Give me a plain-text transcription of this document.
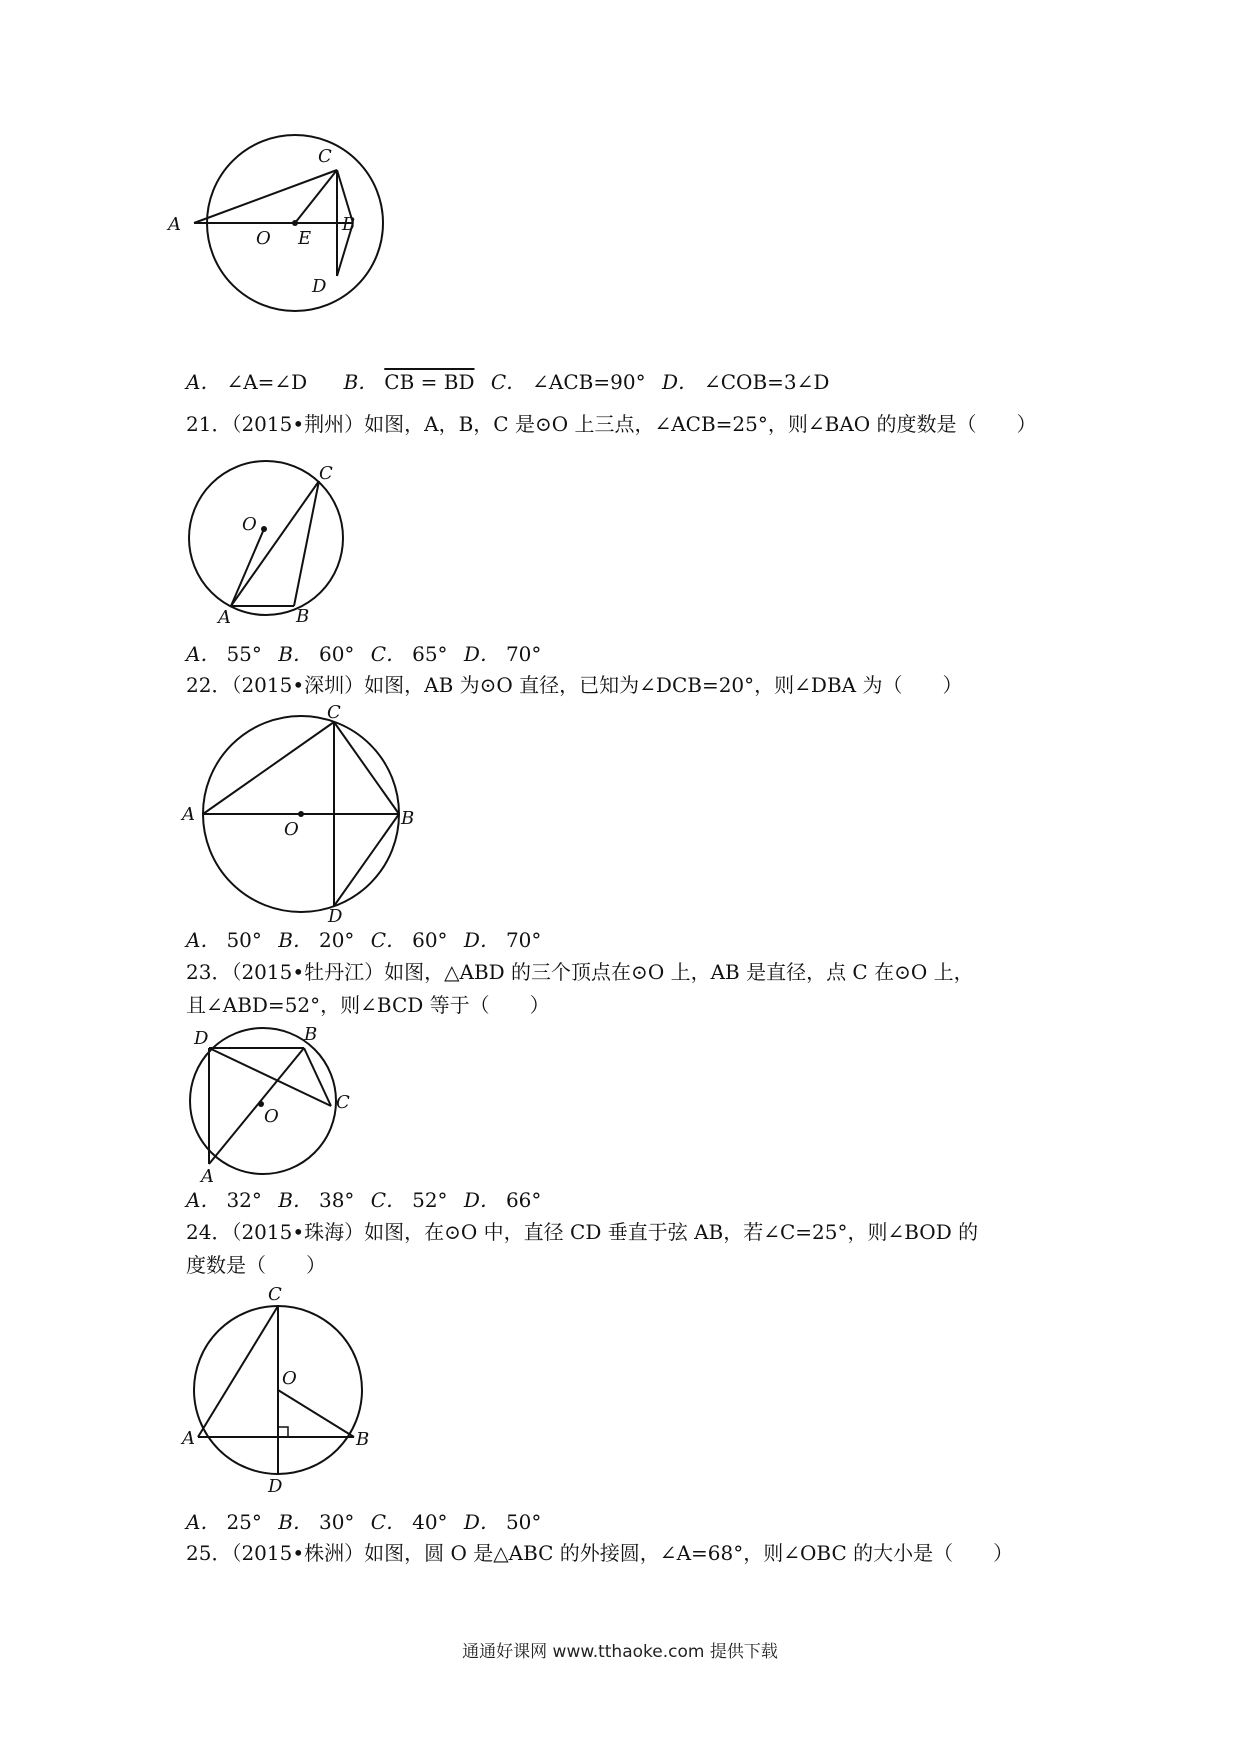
A
O E
B
C
D
A． ∠A=∠D B． CB = BD C． ∠ACB=90° D． ∠COB=3∠D
21．（2015•荆州）如图，A，B，C 是⊙O 上三点，∠ACB=25°，则∠BAO 的度数是（　　）
O
C
A	B
A． 55° B． 60° C． 65° D． 70°
22．（2015•深圳）如图，AB 为⊙O 直径，已知为∠DCB=20°，则∠DBA 为（　　）
A
O
C
B
D
A． 50° B． 20° C． 60° D． 70°
23．（2015•牡丹江）如图，△ABD 的三个顶点在⊙O 上，AB 是直径，点 C 在⊙O 上，
且∠ABD=52°，则∠BCD 等于（　　）
D	B
C
O
A
A． 32° B． 38° C． 52° D． 66°
24．（2015•珠海）如图，在⊙O 中，直径 CD 垂直于弦 AB，若∠C=25°，则∠BOD 的
度数是（　　）
C
O
A	B
D
A． 25° B． 30° C． 40° D． 50°
25．（2015•株洲）如图，圆 O 是△ABC 的外接圆，∠A=68°，则∠OBC 的大小是（　　）
通通好课网 www.tthaoke.com 提供下载
